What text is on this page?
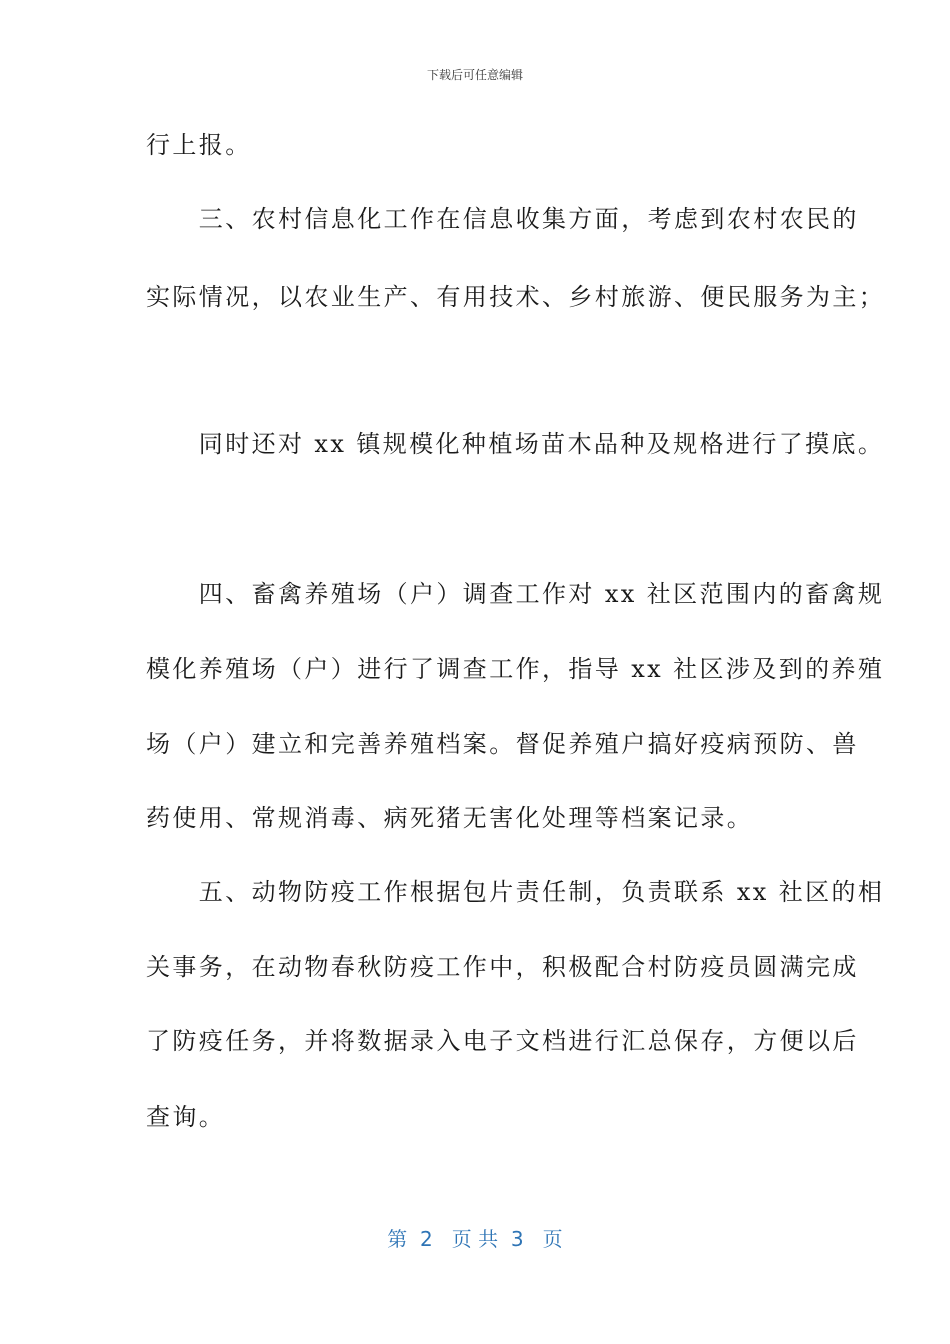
下载后可任意编辑
行上报。
　　三、农村信息化工作在信息收集方面，考虑到农村农民的
实际情况，以农业生产、有用技术、乡村旅游、便民服务为主；
　　同时还对 xx 镇规模化种植场苗木品种及规格进行了摸底。
　　四、畜禽养殖场（户）调查工作对 xx 社区范围内的畜禽规
模化养殖场（户）进行了调查工作，指导 xx 社区涉及到的养殖
场（户）建立和完善养殖档案。督促养殖户搞好疫病预防、兽
药使用、常规消毒、病死猪无害化处理等档案记录。
　　五、动物防疫工作根据包片责任制，负责联系 xx 社区的相
关事务，在动物春秋防疫工作中，积极配合村防疫员圆满完成
了防疫任务，并将数据录入电子文档进行汇总保存，方便以后
查询。
第  2   页 共  3   页
